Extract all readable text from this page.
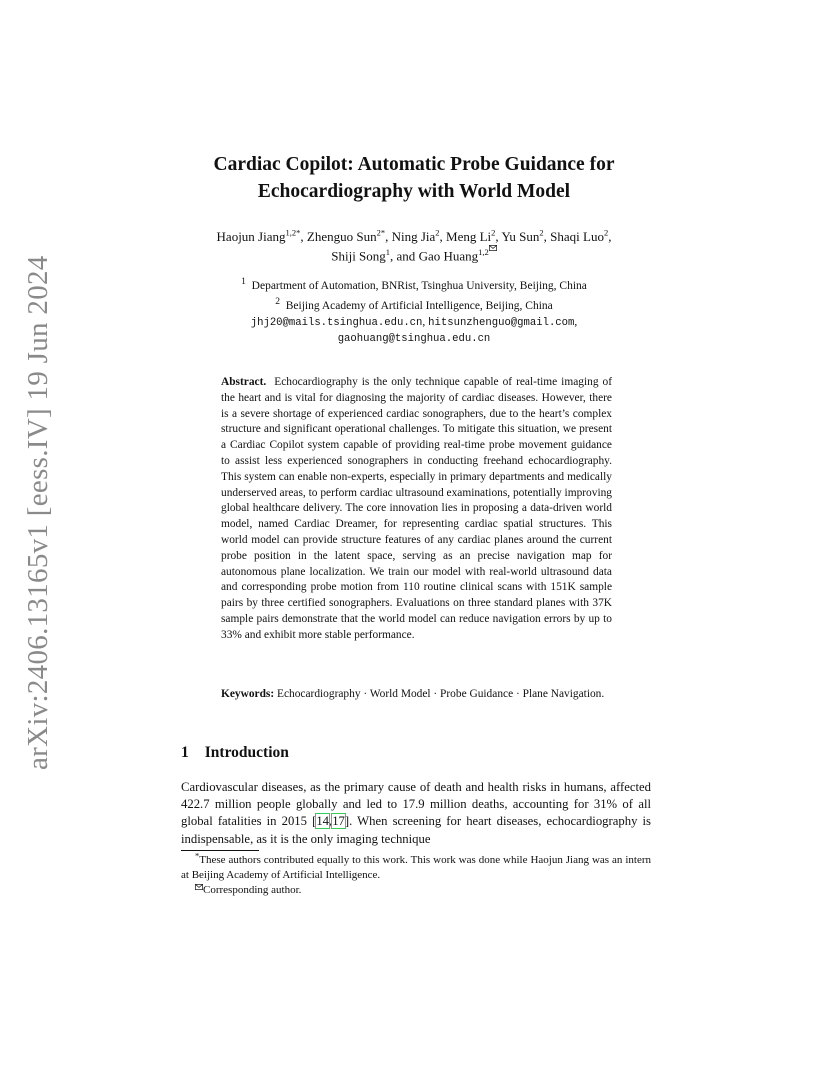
arXiv:2406.13165v1 [eess.IV] 19 Jun 2024
Cardiac Copilot: Automatic Probe Guidance for
Echocardiography with World Model
Haojun Jiang$^{1,2*}$, Zhenguo Sun$^{2*}$, Ning Jia$^2$, Meng Li$^2$, Yu Sun$^2$, Shaqi Luo$^2$,
Shiji Song$^1$, and Gao Huang$^{1,2}$
$^1$ Department of Automation, BNRist, Tsinghua University, Beijing, China
$^2$ Beijing Academy of Artificial Intelligence, Beijing, China
jhj20@mails.tsinghua.edu.cn, hitsunzhenguo@gmail.com,
gaohuang@tsinghua.edu.cn

Abstract. Echocardiography is the only technique capable of real-time imaging of the heart and is vital for diagnosing the majority of cardiac diseases. However, there is a severe shortage of experienced cardiac sonographers, due to the heart’s complex structure and significant operational challenges. To mitigate this situation, we present a Cardiac Copilot system capable of providing real-time probe movement guidance to assist less experienced sonographers in conducting freehand echocardiography. This system can enable non-experts, especially in primary departments and medically underserved areas, to perform cardiac ultrasound examinations, potentially improving global healthcare delivery. The core innovation lies in proposing a data-driven world model, named Cardiac Dreamer, for representing cardiac spatial structures. This world model can provide structure features of any cardiac planes around the current probe position in the latent space, serving as an precise navigation map for autonomous plane localization. We train our model with real-world ultrasound data and corresponding probe motion from 110 routine clinical scans with 151K sample pairs by three certified sonographers. Evaluations on three standard planes with 37K sample pairs demonstrate that the world model can reduce navigation errors by up to 33% and exhibit more stable performance.

Keywords: Echocardiography · World Model · Probe Guidance · Plane Navigation.

1 Introduction

Cardiovascular diseases, as the primary cause of death and health risks in humans, affected 422.7 million people globally and led to 17.9 million deaths, accounting for 31% of all global fatalities in 2015 [14,17]. When screening for heart diseases, echocardiography is indispensable, as it is the only imaging technique

*These authors contributed equally to this work. This work was done while Haojun Jiang was an intern at Beijing Academy of Artificial Intelligence.
Corresponding author.
